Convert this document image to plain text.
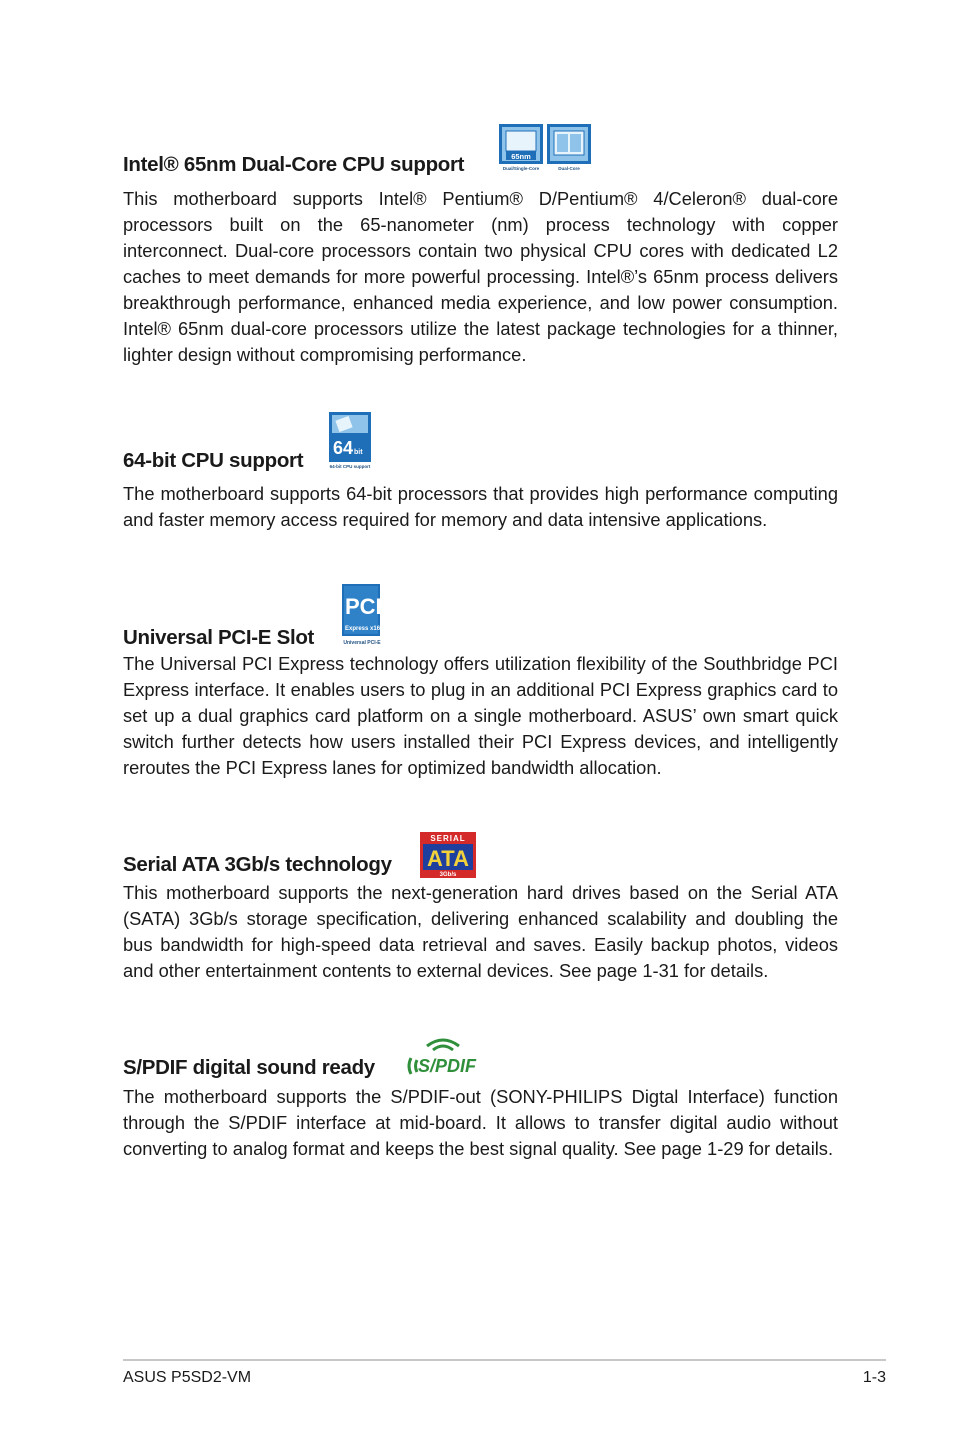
Intel® 65nm Dual-Core CPU support	65nm
Dual/Single-Core	Dual-Core

This motherboard supports Intel® Pentium® D/Pentium® 4/Celeron® dual-core processors built on the 65-nanometer (nm) process technology with copper interconnect. Dual-core processors contain two physical CPU cores with dedicated L2 caches to meet demands for more powerful processing. Intel®’s 65nm process delivers breakthrough performance, enhanced media experience, and low power consumption. Intel® 65nm dual-core processors utilize the latest package technologies for a thinner, lighter design without compromising performance.

64-bit CPU support
64 bit
64-bit CPU support

The motherboard supports 64-bit processors that provides high performance computing and faster memory access required for memory and data intensive applications.

Universal PCI-E Slot
PCI
Express x16
Universal PCI-E

The Universal PCI Express technology offers utilization flexibility of the Southbridge PCI Express interface. It enables users to plug in an additional PCI Express graphics card to set up a dual graphics card platform on a single motherboard. ASUS’ own smart quick switch further detects how users installed their PCI Express devices, and intelligently reroutes the PCI Express lanes for optimized bandwidth allocation.

Serial ATA 3Gb/s technology
SERIAL
ATA
3Gb/s

This motherboard supports the next-generation hard drives based on the Serial ATA (SATA) 3Gb/s storage specification, delivering enhanced scalability and doubling the bus bandwidth for high-speed data retrieval and saves. Easily backup photos, videos and other entertainment contents to external devices. See page 1-31 for details.

S/PDIF digital sound ready S/PDIF

The motherboard supports the S/PDIF-out (SONY-PHILIPS Digtal Interface) function through the S/PDIF interface at mid-board. It allows to transfer digital audio without converting to analog format and keeps the best signal quality. See page 1-29 for details.

ASUS P5SD2-VM	1-3
